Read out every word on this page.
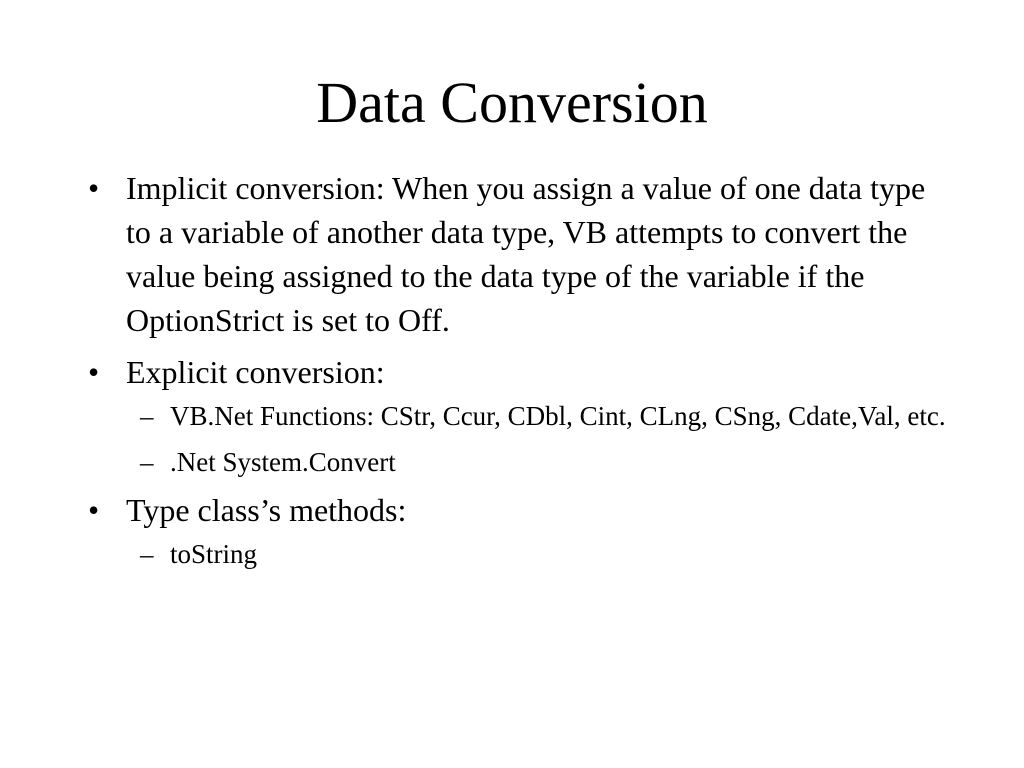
Data Conversion
• Implicit conversion: When you assign a value of one data type to a variable of another data type, VB attempts to convert the value being assigned to the data type of the variable if the OptionStrict is set to Off.
• Explicit conversion:
– VB.Net Functions: CStr, Ccur, CDbl, Cint, CLng, CSng, Cdate,Val, etc.
– .Net System.Convert
• Type class’s methods:
– toString
